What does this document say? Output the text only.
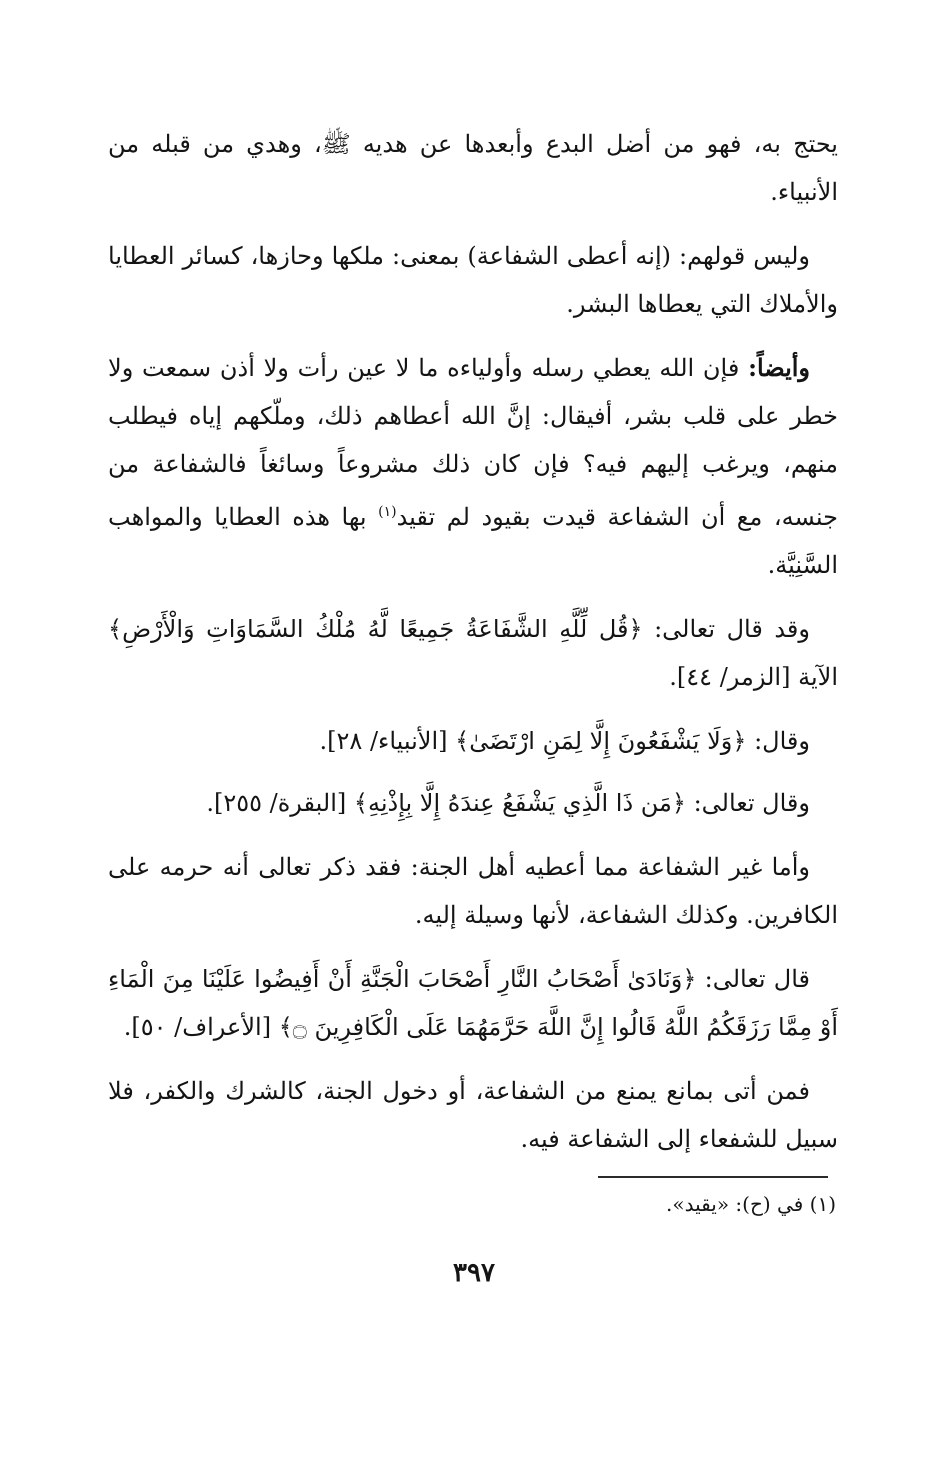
يحتج به، فهو من أضل البدع وأبعدها عن هديه ﷺ، وهدي من قبله من الأنبياء.

وليس قولهم: (إنه أعطى الشفاعة) بمعنى: ملكها وحازها، كسائر العطايا والأملاك التي يعطاها البشر.

وأيضاً: فإن الله يعطي رسله وأولياءه ما لا عين رأت ولا أذن سمعت ولا خطر على قلب بشر، أفيقال: إنَّ الله أعطاهم ذلك، وملّكهم إياه فيطلب منهم، ويرغب إليهم فيه؟ فإن كان ذلك مشروعاً وسائغاً فالشفاعة من جنسه، مع أن الشفاعة قيدت بقيود لم تقيد$^{(١)}$ بها هذه العطايا والمواهب السَّنِيَّة.

وقد قال تعالى: ﴿قُل لِّلَّهِ الشَّفَاعَةُ جَمِيعًا لَّهُ مُلْكُ السَّمَاوَاتِ وَالْأَرْضِ﴾ الآية [الزمر/ ٤٤].

وقال: ﴿وَلَا يَشْفَعُونَ إِلَّا لِمَنِ ارْتَضَىٰ﴾ [الأنبياء/ ٢٨].

وقال تعالى: ﴿مَن ذَا الَّذِي يَشْفَعُ عِندَهُ إِلَّا بِإِذْنِهِ﴾ [البقرة/ ٢٥٥].

وأما غير الشفاعة مما أعطيه أهل الجنة: فقد ذكر تعالى أنه حرمه على الكافرين. وكذلك الشفاعة، لأنها وسيلة إليه.

قال تعالى: ﴿وَنَادَىٰ أَصْحَابُ النَّارِ أَصْحَابَ الْجَنَّةِ أَنْ أَفِيضُوا عَلَيْنَا مِنَ الْمَاءِ أَوْ مِمَّا رَزَقَكُمُ اللَّهُ قَالُوا إِنَّ اللَّهَ حَرَّمَهُمَا عَلَى الْكَافِرِينَ ۝﴾ [الأعراف/ ٥٠].

فمن أتى بمانع يمنع من الشفاعة، أو دخول الجنة، كالشرك والكفر، فلا سبيل للشفعاء إلى الشفاعة فيه.

(١) في (ح): «يقيد».
٣٩٧
